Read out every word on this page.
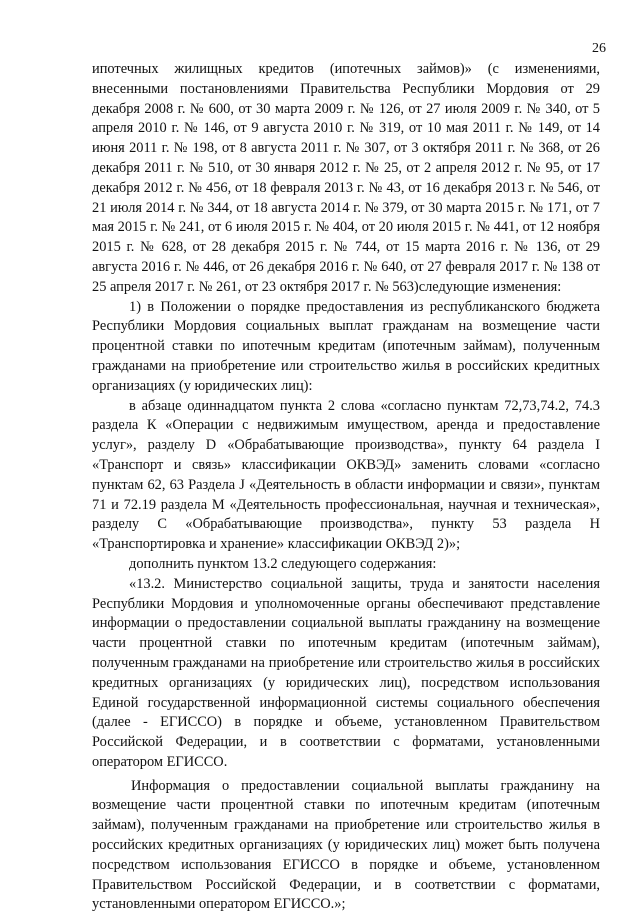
26

ипотечных жилищных кредитов (ипотечных займов)» (с изменениями, внесенными постановлениями Правительства Республики Мордовия от 29 декабря 2008 г. № 600, от 30 марта 2009 г. № 126, от 27 июля 2009 г. № 340, от 5 апреля 2010 г. № 146, от 9 августа 2010 г. № 319, от 10 мая 2011 г. № 149, от 14 июня 2011 г. № 198, от 8 августа 2011 г. № 307, от 3 октября 2011 г. № 368, от 26 декабря 2011 г. № 510, от 30 января 2012 г. № 25, от 2 апреля 2012 г. № 95, от 17 декабря 2012 г. № 456, от 18 февраля 2013 г. № 43, от 16 декабря 2013 г. № 546, от 21 июля 2014 г. № 344, от 18 августа 2014 г. № 379, от 30 марта 2015 г. № 171, от 7 мая 2015 г. № 241, от 6 июля 2015 г. № 404, от 20 июля 2015 г. № 441, от 12 ноября 2015 г. № 628, от 28 декабря 2015 г. № 744, от 15 марта 2016 г. № 136, от 29 августа 2016 г. № 446, от 26 декабря 2016 г. № 640, от 27 февраля 2017 г. № 138 от 25 апреля 2017 г. № 261, от 23 октября 2017 г. № 563)следующие изменения:

1) в Положении о порядке предоставления из республиканского бюджета Республики Мордовия социальных выплат гражданам на возмещение части процентной ставки по ипотечным кредитам (ипотечным займам), полученным гражданами на приобретение или строительство жилья в российских кредитных организациях (у юридических лиц):

в абзаце одиннадцатом пункта 2 слова «согласно пунктам 72,73,74.2, 74.3 раздела К «Операции с недвижимым имуществом, аренда и предоставление услуг», разделу D «Обрабатывающие производства», пункту 64 раздела I «Транспорт и связь» классификации ОКВЭД» заменить словами «согласно пунктам 62, 63 Раздела J «Деятельность в области информации и связи», пунктам 71 и 72.19 раздела M «Деятельность профессиональная, научная и техническая», разделу C «Обрабатывающие производства», пункту 53 раздела H «Транспортировка и хранение» классификации ОКВЭД 2)»;

дополнить пунктом 13.2 следующего содержания:

«13.2. Министерство социальной защиты, труда и занятости населения Республики Мордовия и уполномоченные органы обеспечивают представление информации о предоставлении социальной выплаты гражданину на возмещение части процентной ставки по ипотечным кредитам (ипотечным займам), полученным гражданами на приобретение или строительство жилья в российских кредитных организациях (у юридических лиц), посредством использования Единой государственной информационной системы социального обеспечения (далее - ЕГИССО) в порядке и объеме, установленном Правительством Российской Федерации, и в соответствии с форматами, установленными оператором ЕГИССО.

Информация о предоставлении социальной выплаты гражданину на возмещение части процентной ставки по ипотечным кредитам (ипотечным займам), полученным гражданами на приобретение или строительство жилья в российских кредитных организациях (у юридических лиц) может быть получена посредством использования ЕГИССО в порядке и объеме, установленном Правительством Российской Федерации, и в соответствии с форматами, установленными оператором ЕГИССО.»;
